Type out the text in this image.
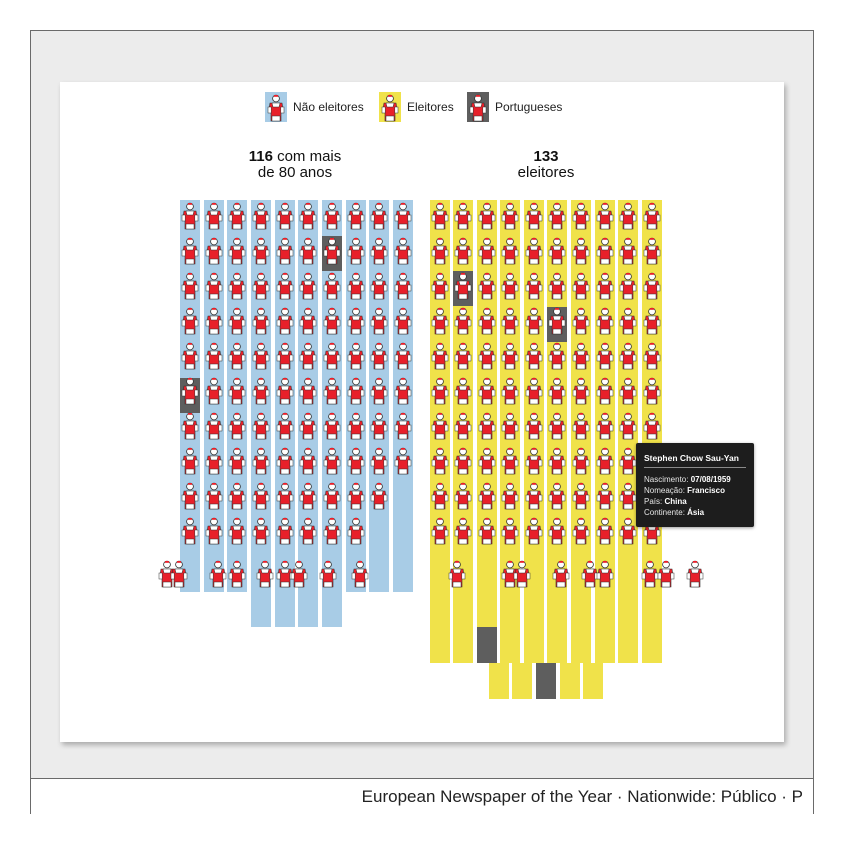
Não eleitores	Eleitores	Portugueses
116 com mais
de 80 anos
133
eleitores
Stephen Chow Sau-Yan
Nascimento: 07/08/1959
Nomeação: Francisco
País: China
Continente: Ásia
European Newspaper of the Year · Nationwide: Público · P
